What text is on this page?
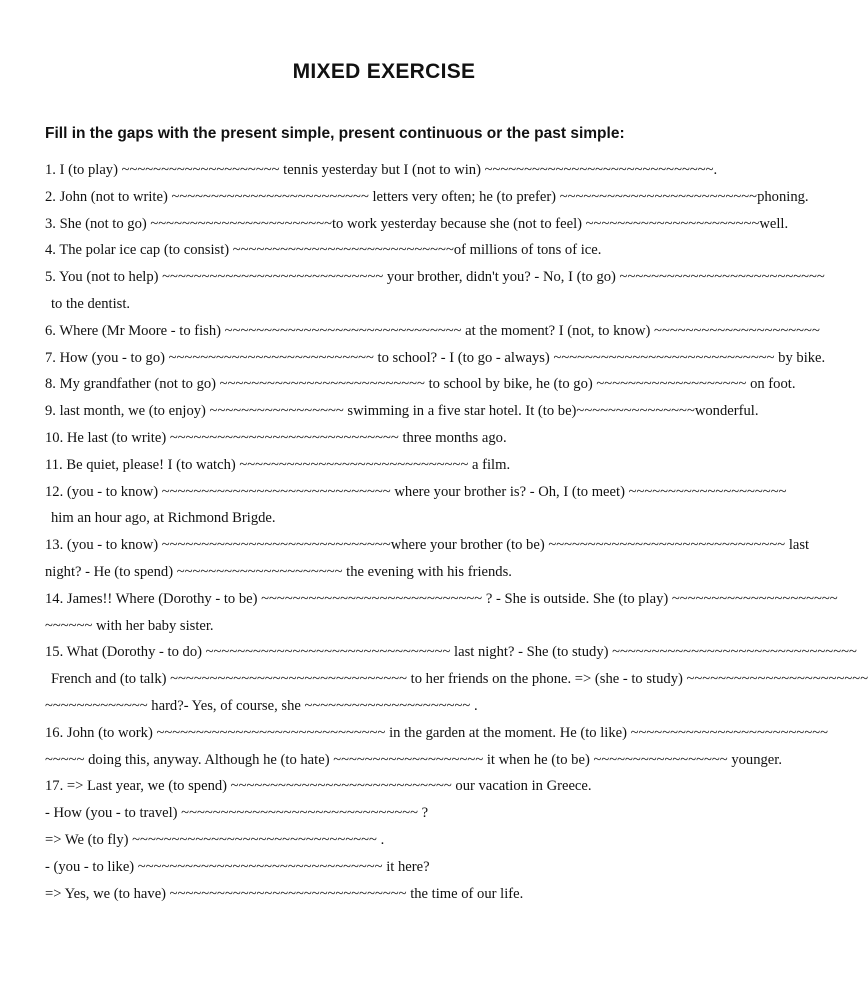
MIXED EXERCISE

Fill in the gaps with the present simple, present continuous or the past simple:

1. I (to play) ~~~~~~~~~~~~~~~~~~~~ tennis yesterday but I (not to win) ~~~~~~~~~~~~~~~~~~~~~~~~~~~~~.
2. John (not to write) ~~~~~~~~~~~~~~~~~~~~~~~~~ letters very often; he (to prefer) ~~~~~~~~~~~~~~~~~~~~~~~~~phoning.
3. She (not to go) ~~~~~~~~~~~~~~~~~~~~~~~to work yesterday because she (not to feel) ~~~~~~~~~~~~~~~~~~~~~~well.
4. The polar ice cap (to consist) ~~~~~~~~~~~~~~~~~~~~~~~~~~~~of millions of tons of ice.
5. You (not to help) ~~~~~~~~~~~~~~~~~~~~~~~~~~~~ your brother, didn't you? - No, I (to go) ~~~~~~~~~~~~~~~~~~~~~~~~~~
to the dentist.
6. Where (Mr Moore - to fish) ~~~~~~~~~~~~~~~~~~~~~~~~~~~~~~ at the moment? I (not, to know) ~~~~~~~~~~~~~~~~~~~~~
7. How (you - to go) ~~~~~~~~~~~~~~~~~~~~~~~~~~ to school? - I (to go - always) ~~~~~~~~~~~~~~~~~~~~~~~~~~~~ by bike.
8. My grandfather (not to go) ~~~~~~~~~~~~~~~~~~~~~~~~~~ to school by bike, he (to go) ~~~~~~~~~~~~~~~~~~~ on foot.
9. last month, we (to enjoy) ~~~~~~~~~~~~~~~~~ swimming in a five star hotel. It (to be)~~~~~~~~~~~~~~~wonderful.
10. He last (to write) ~~~~~~~~~~~~~~~~~~~~~~~~~~~~~ three months ago.
11. Be quiet, please! I (to watch) ~~~~~~~~~~~~~~~~~~~~~~~~~~~~~ a film.
12. (you - to know) ~~~~~~~~~~~~~~~~~~~~~~~~~~~~~ where your brother is? - Oh, I (to meet) ~~~~~~~~~~~~~~~~~~~~
him an hour ago, at Richmond Brigde.
13. (you - to know) ~~~~~~~~~~~~~~~~~~~~~~~~~~~~~where your brother (to be) ~~~~~~~~~~~~~~~~~~~~~~~~~~~~~~ last
night? - He (to spend) ~~~~~~~~~~~~~~~~~~~~~ the evening with his friends.
14. James!! Where (Dorothy - to be) ~~~~~~~~~~~~~~~~~~~~~~~~~~~~ ? - She is outside. She (to play) ~~~~~~~~~~~~~~~~~~~~~
~~~~~~ with her baby sister.
15. What (Dorothy - to do) ~~~~~~~~~~~~~~~~~~~~~~~~~~~~~~~ last night? - She (to study) ~~~~~~~~~~~~~~~~~~~~~~~~~~~~~~~
French and (to talk) ~~~~~~~~~~~~~~~~~~~~~~~~~~~~~~ to her friends on the phone. => (she - to study) ~~~~~~~~~~~~~~~~~~~~~~~
~~~~~~~~~~~~~ hard?- Yes, of course, she ~~~~~~~~~~~~~~~~~~~~~ .
16. John (to work) ~~~~~~~~~~~~~~~~~~~~~~~~~~~~~ in the garden at the moment. He (to like) ~~~~~~~~~~~~~~~~~~~~~~~~~
~~~~~ doing this, anyway. Although he (to hate) ~~~~~~~~~~~~~~~~~~~ it when he (to be) ~~~~~~~~~~~~~~~~~ younger.
17. => Last year, we (to spend) ~~~~~~~~~~~~~~~~~~~~~~~~~~~~ our vacation in Greece.
- How (you - to travel) ~~~~~~~~~~~~~~~~~~~~~~~~~~~~~~ ?
=> We (to fly) ~~~~~~~~~~~~~~~~~~~~~~~~~~~~~~~ .
- (you - to like) ~~~~~~~~~~~~~~~~~~~~~~~~~~~~~~~ it here?
=> Yes, we (to have) ~~~~~~~~~~~~~~~~~~~~~~~~~~~~~~ the time of our life.
